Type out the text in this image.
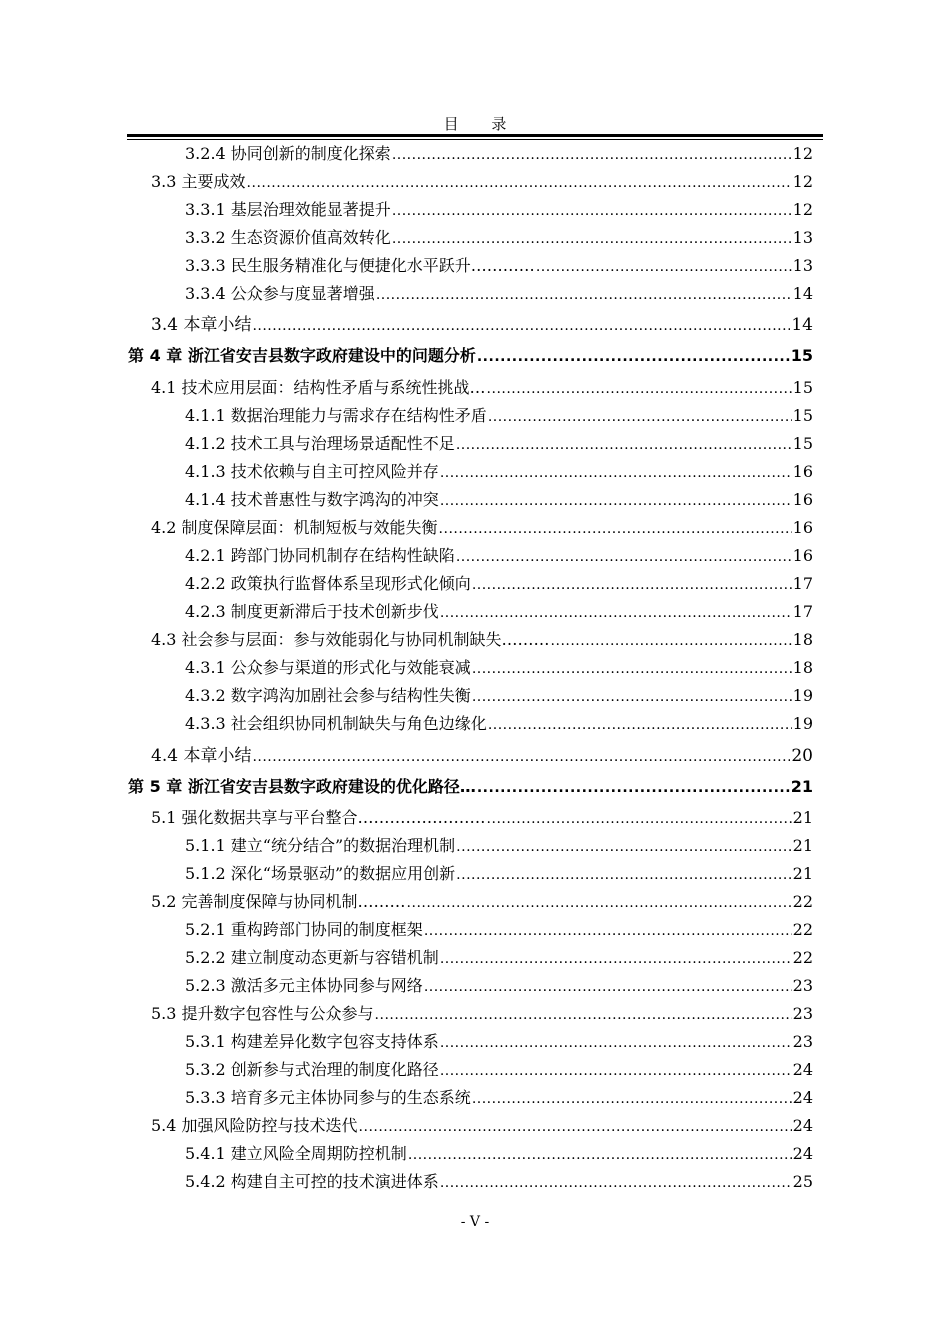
目 录
3.2.4 协同创新的制度化探索 .....	12
3.3 主要成效 .....	12
3.3.1 基层治理效能显著提升 .....	12
3.3.2 生态资源价值高效转化 .....	13
3.3.3 民生服务精准化与便捷化水平跃升………… .....	13
3.3.4 公众参与度显著增强 .....	14
3.4 本章小结 .....	14
第 4 章 浙江省安吉县数字政府建设中的问题分析 .....	15
4.1 技术应用层面：结构性矛盾与系统性挑战… .....	15
4.1.1 数据治理能力与需求存在结构性矛盾 .....	15
4.1.2 技术工具与治理场景适配性不足 .....	15
4.1.3 技术依赖与自主可控风险并存 .....	16
4.1.4 技术普惠性与数字鸿沟的冲突 .....	16
4.2 制度保障层面：机制短板与效能失衡 .....	16
4.2.1 跨部门协同机制存在结构性缺陷 .....	16
4.2.2 政策执行监督体系呈现形式化倾向 .....	17
4.2.3 制度更新滞后于技术创新步伐 .....	17
4.3 社会参与层面：参与效能弱化与协同机制缺失……… .....	18
4.3.1 公众参与渠道的形式化与效能衰减 .....	18
4.3.2 数字鸿沟加剧社会参与结构性失衡 .....	19
4.3.3 社会组织协同机制缺失与角色边缘化 .....	19
4.4 本章小结 .....	20
第 5 章 浙江省安吉县数字政府建设的优化路径… .....	21
5.1 强化数据共享与平台整合…………………… .....	21
5.1.1 建立“统分结合”的数据治理机制 .....	21
5.1.2 深化“场景驱动”的数据应用创新 .....	21
5.2 完善制度保障与协同机制……… .....	22
5.2.1 重构跨部门协同的制度框架 .....	22
5.2.2 建立制度动态更新与容错机制 .....	22
5.2.3 激活多元主体协同参与网络 .....	23
5.3 提升数字包容性与公众参与 .....	23
5.3.1 构建差异化数字包容支持体系 .....	23
5.3.2 创新参与式治理的制度化路径 .....	24
5.3.3 培育多元主体协同参与的生态系统 .....	24
5.4 加强风险防控与技术迭代 .....	24
5.4.1 建立风险全周期防控机制 .....	24
5.4.2 构建自主可控的技术演进体系 .....	25
- V -
